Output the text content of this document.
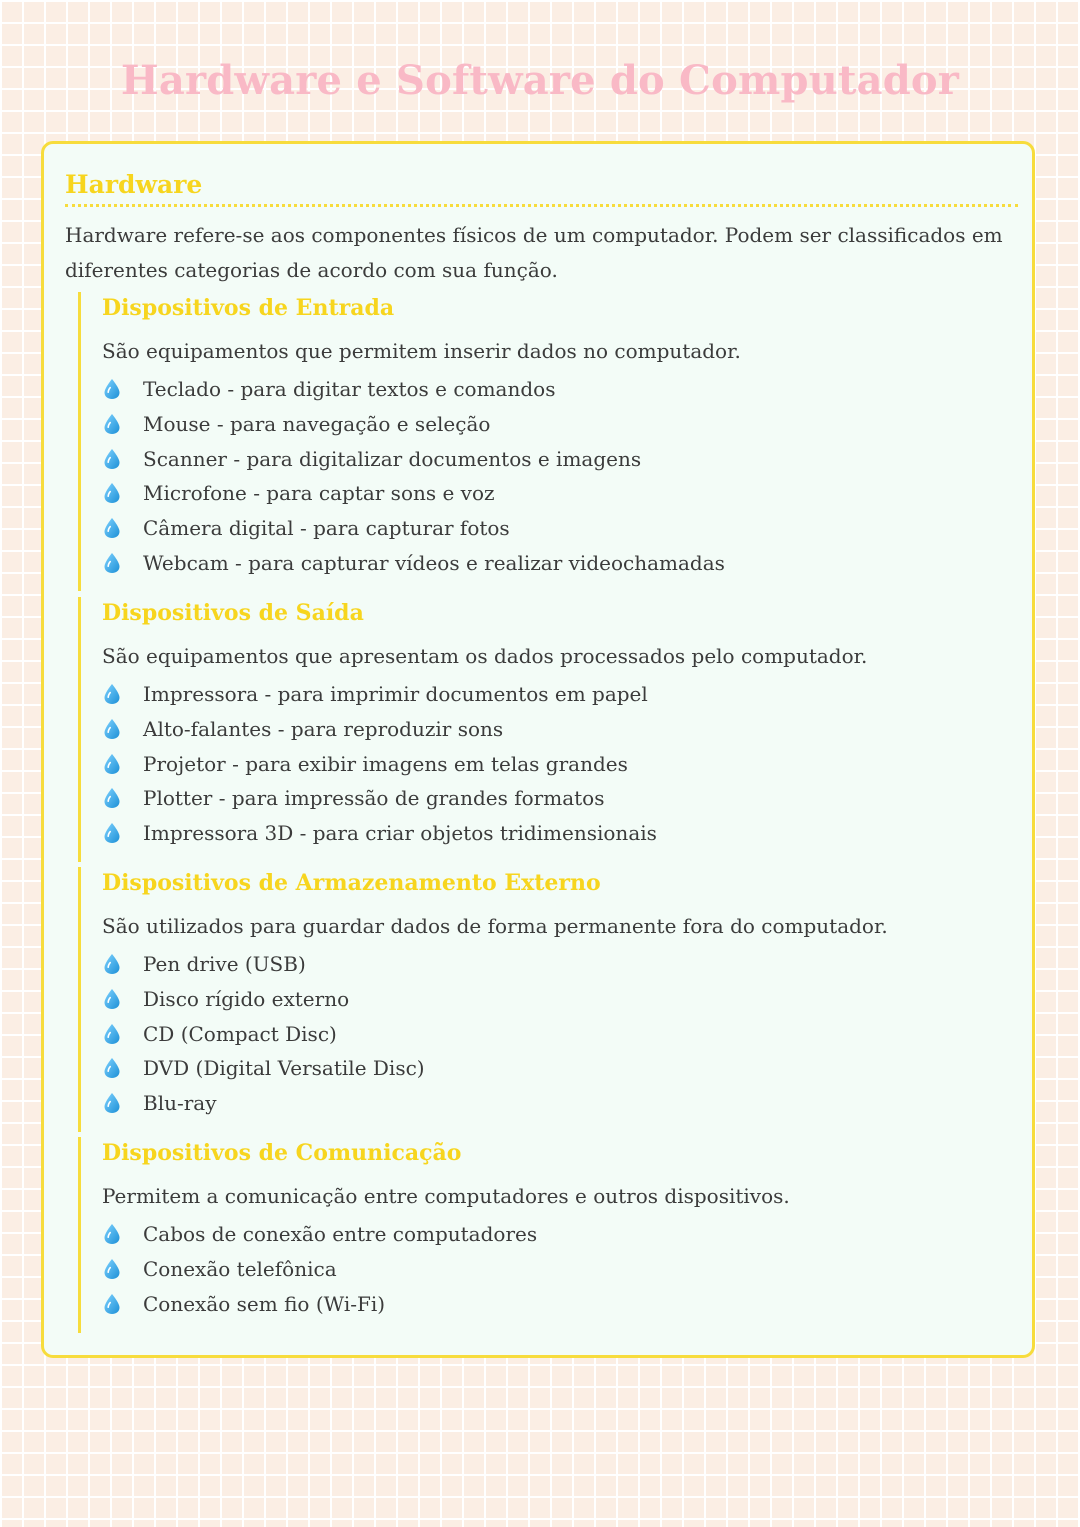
Hardware e Software do Computador
Hardware

Hardware refere-se aos componentes físicos de um computador. Podem ser classificados em diferentes categorias de acordo com sua função.

Dispositivos de Entrada

São equipamentos que permitem inserir dados no computador.

Teclado - para digitar textos e comandos
Mouse - para navegação e seleção
Scanner - para digitalizar documentos e imagens
Microfone - para captar sons e voz
Câmera digital - para capturar fotos
Webcam - para capturar vídeos e realizar videochamadas
Dispositivos de Saída

São equipamentos que apresentam os dados processados pelo computador.

Impressora - para imprimir documentos em papel
Alto-falantes - para reproduzir sons
Projetor - para exibir imagens em telas grandes
Plotter - para impressão de grandes formatos
Impressora 3D - para criar objetos tridimensionais
Dispositivos de Armazenamento Externo

São utilizados para guardar dados de forma permanente fora do computador.

Pen drive (USB)
Disco rígido externo
CD (Compact Disc)
DVD (Digital Versatile Disc)
Blu-ray
Dispositivos de Comunicação

Permitem a comunicação entre computadores e outros dispositivos.

Cabos de conexão entre computadores
Conexão telefônica
Conexão sem fio (Wi-Fi)
